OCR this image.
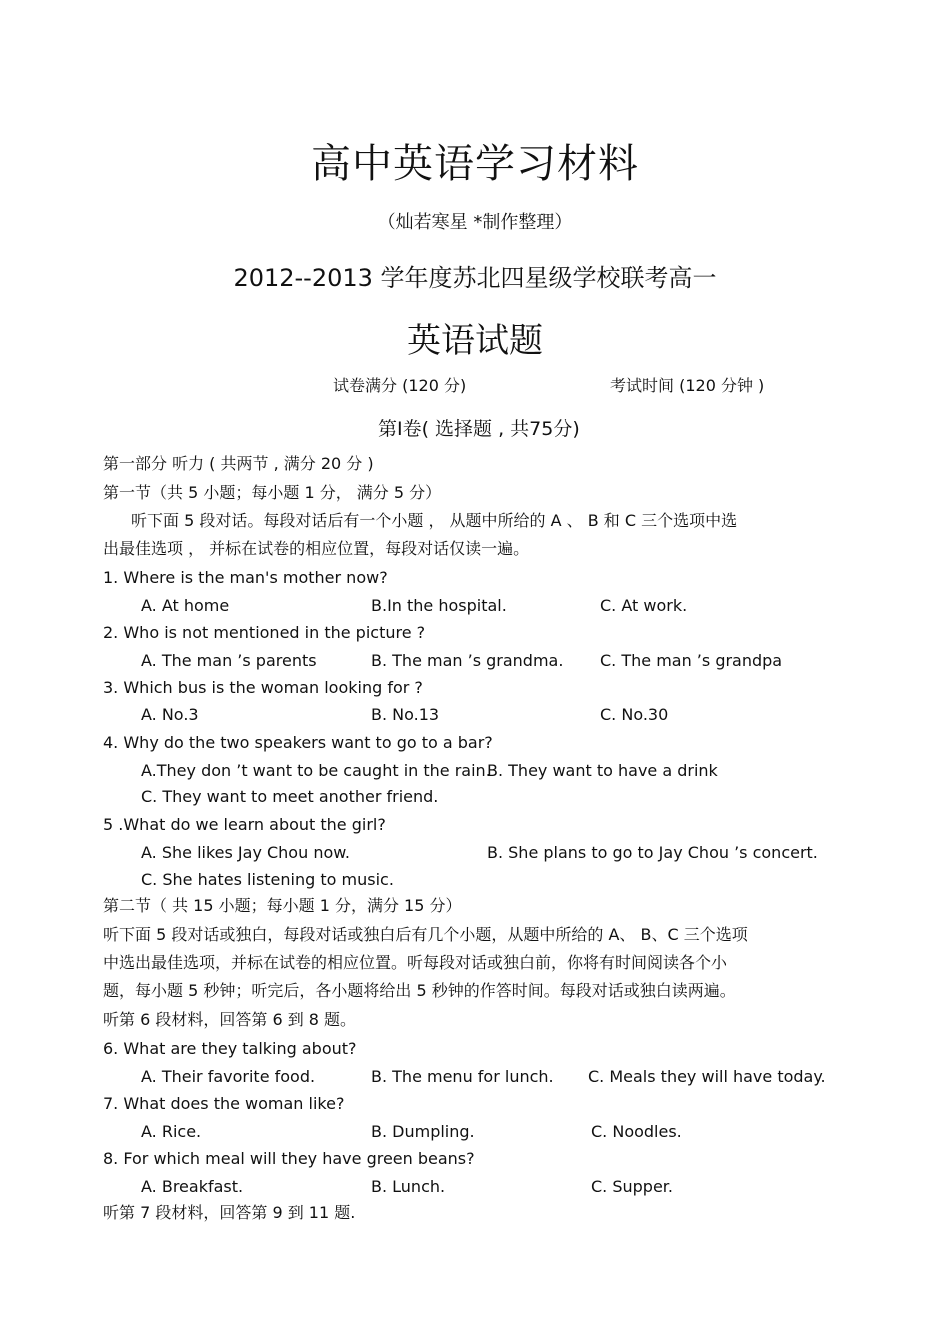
高中英语学习材料
（灿若寒星 *制作整理）
2012--2013 学年度苏北四星级学校联考高一
英语试题
试卷满分 (120 分)	考试时间 (120 分钟 )
第Ⅰ卷( 选择题 , 共75分)
第一部分 听力 ( 共两节 , 满分 20 分 )
第一节（共 5 小题；每小题 1 分， 满分 5 分）
听下面 5 段对话。每段对话后有一个小题 ， 从题中所给的 A 、 B 和 C 三个选项中选
出最佳选项 ， 并标在试卷的相应位置，每段对话仅读一遍。
1. Where is the man's mother now?
A. At home	B.In the hospital.	C. At work.
2. Who is not mentioned in the picture ?
A. The man ’s parents	B. The man ’s grandma. C. The man ’s grandpa
3. Which bus is the woman looking for ?
A. No.3	B. No.13	C. No.30
4. Why do the two speakers want to go to a bar?
A.They don ’t want to be caught in the rain.
B. They want to have a drink
C. They want to meet another friend.
5 .What do we learn about the girl?
A. She likes Jay Chou now.	B. She plans to go to Jay Chou ’s concert.
C. She hates listening to music.
第二节（ 共 15 小题；每小题 1 分，满分 15 分）
听下面 5 段对话或独白，每段对话或独白后有几个小题，从题中所给的 A、 B、C 三个选项
中选出最佳选项，并标在试卷的相应位置。听每段对话或独白前，你将有时间阅读各个小
题，每小题 5 秒钟；听完后，各小题将给出 5 秒钟的作答时间。每段对话或独白读两遍。
听第 6 段材料，回答第 6 到 8 题。
6. What are they talking about?
A. Their favorite food.	B. The menu for lunch. C. Meals they will have today.
7. What does the woman like?
A. Rice.	B. Dumpling.	C. Noodles.
8. For which meal will they have green beans?
A. Breakfast.	B. Lunch.	C. Supper.
听第 7 段材料，回答第 9 到 11 题.
